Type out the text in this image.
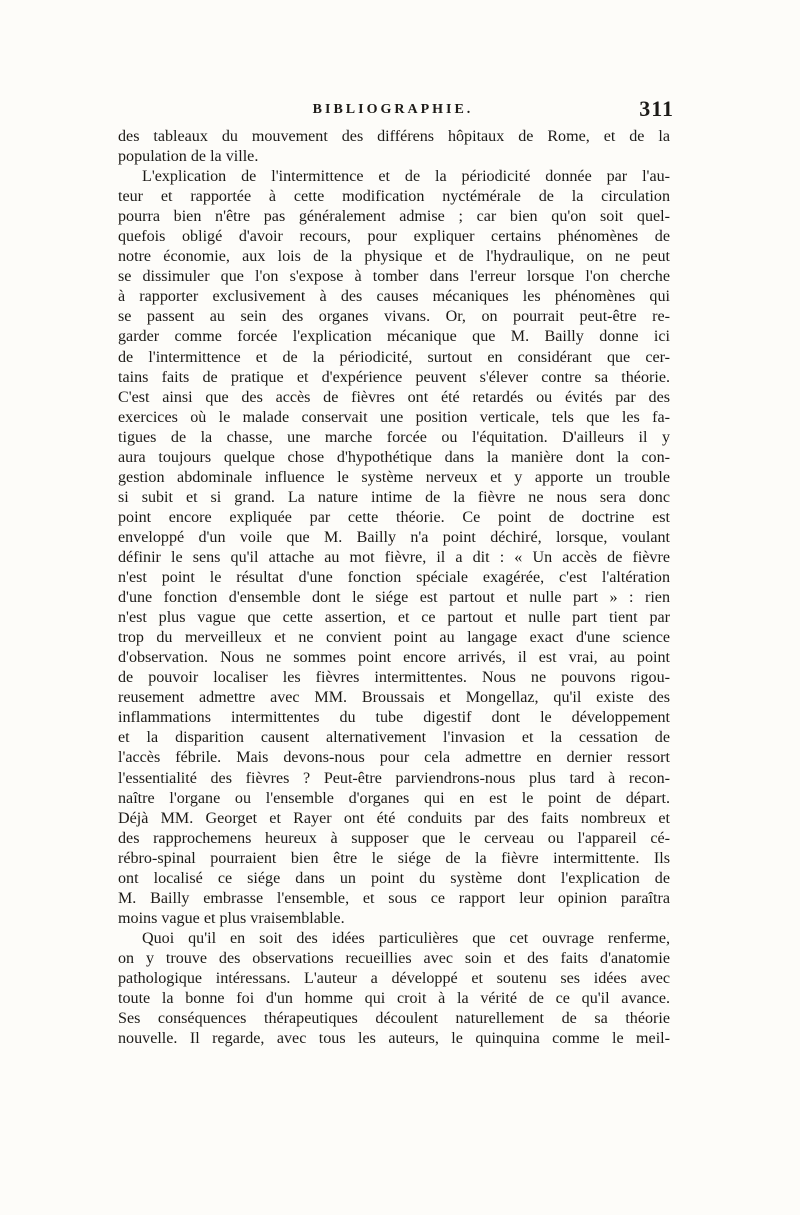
BIBLIOGRAPHIE.	311
des tableaux du mouvement des différens hôpitaux de Rome, et de la
population de la ville.
L'explication de l'intermittence et de la périodicité donnée par l'au-
teur et rapportée à cette modification nyctémérale de la circulation
pourra bien n'être pas généralement admise ; car bien qu'on soit quel-
quefois obligé d'avoir recours, pour expliquer certains phénomènes de
notre économie, aux lois de la physique et de l'hydraulique, on ne peut
se dissimuler que l'on s'expose à tomber dans l'erreur lorsque l'on cherche
à rapporter exclusivement à des causes mécaniques les phénomènes qui
se passent au sein des organes vivans. Or, on pourrait peut-être re-
garder comme forcée l'explication mécanique que M. Bailly donne ici
de l'intermittence et de la périodicité, surtout en considérant que cer-
tains faits de pratique et d'expérience peuvent s'élever contre sa théorie.
C'est ainsi que des accès de fièvres ont été retardés ou évités par des
exercices où le malade conservait une position verticale, tels que les fa-
tigues de la chasse, une marche forcée ou l'équitation. D'ailleurs il y
aura toujours quelque chose d'hypothétique dans la manière dont la con-
gestion abdominale influence le système nerveux et y apporte un trouble
si subit et si grand. La nature intime de la fièvre ne nous sera donc
point encore expliquée par cette théorie. Ce point de doctrine est
enveloppé d'un voile que M. Bailly n'a point déchiré, lorsque, voulant
définir le sens qu'il attache au mot fièvre, il a dit : « Un accès de fièvre
n'est point le résultat d'une fonction spéciale exagérée, c'est l'altération
d'une fonction d'ensemble dont le siége est partout et nulle part » : rien
n'est plus vague que cette assertion, et ce partout et nulle part tient par
trop du merveilleux et ne convient point au langage exact d'une science
d'observation. Nous ne sommes point encore arrivés, il est vrai, au point
de pouvoir localiser les fièvres intermittentes. Nous ne pouvons rigou-
reusement admettre avec MM. Broussais et Mongellaz, qu'il existe des
inflammations intermittentes du tube digestif dont le développement
et la disparition causent alternativement l'invasion et la cessation de
l'accès fébrile. Mais devons-nous pour cela admettre en dernier ressort
l'essentialité des fièvres ? Peut-être parviendrons-nous plus tard à recon-
naître l'organe ou l'ensemble d'organes qui en est le point de départ.
Déjà MM. Georget et Rayer ont été conduits par des faits nombreux et
des rapprochemens heureux à supposer que le cerveau ou l'appareil cé-
rébro-spinal pourraient bien être le siége de la fièvre intermittente. Ils
ont localisé ce siége dans un point du système dont l'explication de
M. Bailly embrasse l'ensemble, et sous ce rapport leur opinion paraîtra
moins vague et plus vraisemblable.
Quoi qu'il en soit des idées particulières que cet ouvrage renferme,
on y trouve des observations recueillies avec soin et des faits d'anatomie
pathologique intéressans. L'auteur a développé et soutenu ses idées avec
toute la bonne foi d'un homme qui croit à la vérité de ce qu'il avance.
Ses conséquences thérapeutiques découlent naturellement de sa théorie
nouvelle. Il regarde, avec tous les auteurs, le quinquina comme le meil-
